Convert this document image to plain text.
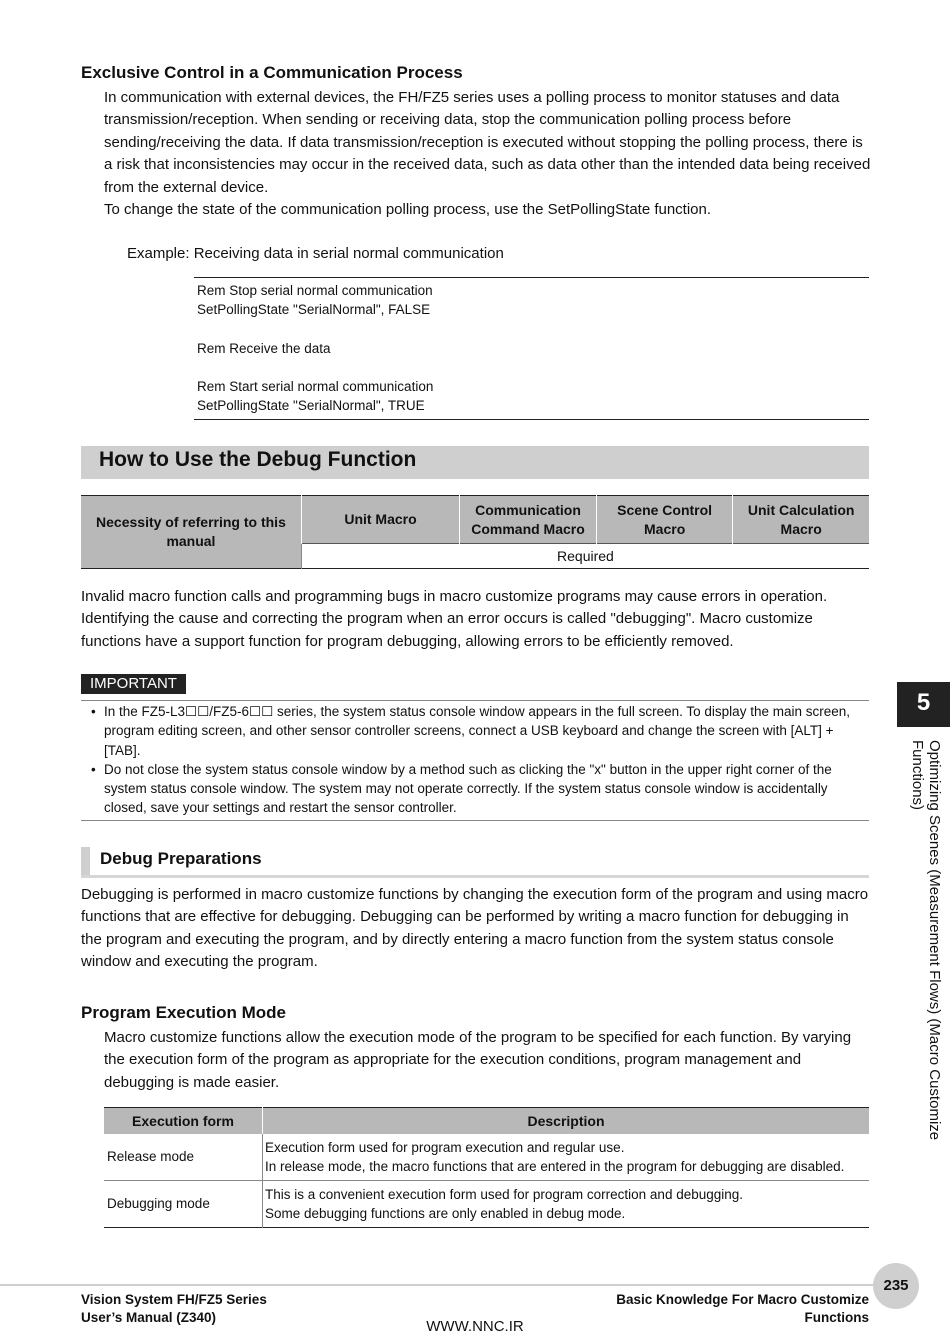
Exclusive Control in a Communication Process

In communication with external devices, the FH/FZ5 series uses a polling process to monitor statuses and data transmission/reception. When sending or receiving data, stop the communication polling process before sending/receiving the data. If data transmission/reception is executed without stopping the polling process, there is a risk that inconsistencies may occur in the received data, such as data other than the intended data being received from the external device.

To change the state of the communication polling process, use the SetPollingState function.

Example: Receiving data in serial normal communication
Rem Stop serial normal communication
SetPollingState "SerialNormal", FALSE
Rem Receive the data
Rem Start serial normal communication
SetPollingState "SerialNormal", TRUE
How to Use the Debug Function
Necessity of referring to this manual	Unit Macro	Communication Command Macro	Scene Control Macro	Unit Calculation Macro
Required
Invalid macro function calls and programming bugs in macro customize programs may cause errors in operation. Identifying the cause and correcting the program when an error occurs is called "debugging". Macro customize functions have a support function for program debugging, allowing errors to be efficiently removed.
IMPORTANT
• In the FZ5-L3☐☐/FZ5-6☐☐ series, the system status console window appears in the full screen. To display the main screen, program editing screen, and other sensor controller screens, connect a USB keyboard and change the screen with [ALT] + [TAB].
• Do not close the system status console window by a method such as clicking the "x" button in the upper right corner of the system status console window. The system may not operate correctly. If the system status console window is accidentally closed, save your settings and restart the sensor controller.
Debug Preparations
Debugging is performed in macro customize functions by changing the execution form of the program and using macro functions that are effective for debugging. Debugging can be performed by writing a macro function for debugging in the program and executing the program, and by directly entering a macro function from the system status console window and executing the program.
Program Execution Mode
Macro customize functions allow the execution mode of the program to be specified for each function. By varying the execution form of the program as appropriate for the execution conditions, program management and debugging is made easier.
Execution form	Description
Release mode	Execution form used for program execution and regular use.
In release mode, the macro functions that are entered in the program for debugging are disabled.

Debugging mode	This is a convenient execution form used for program correction and debugging.
Some debugging functions are only enabled in debug mode.
5
Optimizing Scenes (Measurement Flows) (Macro Customize Functions)
235
Vision System FH/FZ5 Series
User’s Manual (Z340)
Basic Knowledge For Macro Customize
Functions
WWW.NNC.IR
